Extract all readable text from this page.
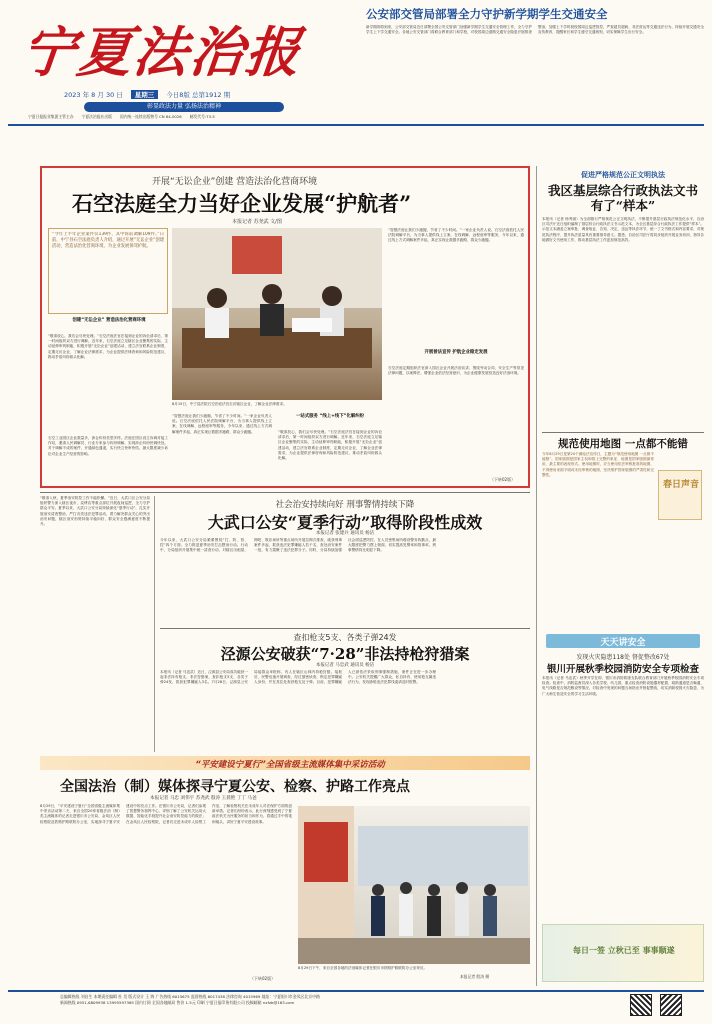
宁夏法治报
2023 年 8 月 30 日	星期三	今日8版 总第1912 期
彰显政法力量 弘扬法治精神
宁夏日报报业集团主管主办 宁夏法治报社出版 国内统一连续出版物号 CN 64-0026 邮发代号:73-5
公安部交管局部署全力守护新学期学生交通安全
新学期即将到来，公安部交管局近日部署全国公安交管部门加强新学期学生交通安全管理工作，全力守护学生上下学交通安全。各地公安交管部门将联合教育部门和学校，对校园周边道路交通安全隐患开展排查整治，加强上下学时段校园周边巡逻管控，严查超员超载、非法营运等交通违法行为，持续开展交通安全宣传教育，提醒家长和学生遵守交通规则，切实保障学生出行安全。
开展“无讼企业”创建 营造法治化营商环境
石空法庭全力当好企业发展“护航者”
本报记者 苏尧武 文/图
“今年上半年企业案件仅139件，其中诉前调解109件。”日前，中宁县石空法庭负责人介绍，通过开展“无讼企业”创建活动，营造法治化营商环境，为企业发展保驾护航。
创建“无讼企业” 营造法治化营商环境
“敬请放心，我们会尽快处理。”石空法庭法官在接到企业的诉讼请求后，第一时间组织双方进行调解。近年来，石空法庭立足辖区企业聚集的实际，主动延伸审判职能，积极开展“无讼企业”创建活动，建立法官联系企业制度，定期走访企业，了解企业法律需求，为企业提供法律咨询和风险防范建议，推动矛盾纠纷源头化解。
石空工业园区企业数量多，涉企纠纷类型多样。法庭在园区设立诉调对接工作站，邀请人民调解员、行业专家参与纠纷调解，实现涉企纠纷快调快处。对于调解不成的案件，开通绿色通道，实行快立快审快结，最大限度减少诉讼对企业生产经营的影响。
8月15日，中宁县法院石空法庭法官走访辖区企业，了解企业法律需求。
“智慧法庭让我们少跑腿，节省了不少时间。”一家企业负责人说。石空法庭依托人民法院调解平台，为当事人提供线上立案、在线调解、远程庭审等服务，今年以来，通过线上方式调解案件多起，真正实现让数据多跑路、群众少跑腿。
一站式服务 “线上+线下”化解纠纷
“敬请放心，我们会尽快处理。”石空法庭法官在接到企业的诉讼请求后，第一时间组织双方进行调解。近年来，石空法庭立足辖区企业聚集的实际，主动延伸审判职能，积极开展“无讼企业”创建活动，建立法官联系企业制度，定期走访企业，了解企业法律需求，为企业提供法律咨询和风险防范建议，推动矛盾纠纷源头化解。
“智慧法庭让我们少跑腿，节省了不少时间。”一家企业负责人说。石空法庭依托人民法院调解平台，为当事人提供线上立案、在线调解、远程庭审等服务，今年以来，通过线上方式调解案件多起，真正实现让数据多跑路、群众少跑腿。
开展普法宣传 护航企业稳定发展
石空法庭定期组织法官深入园区企业开展法治宣讲，围绕劳动合同、安全生产等常见法律问题，以案释法，增强企业依法经营意识，为企业健康发展营造良好法治环境。
（下转02版）
促进严格规范公正文明执法
我区基层综合行政执法文书有了“样本”
本报讯（记者 杨秀丽）为全面推行严格规范公正文明执法，不断提升基层行政执法规范化水平，自治区司法厅近日组织编制了基层综合行政执法文书示范文本，为全区基层综合行政执法工作提供“样本”。示范文本涵盖立案审批、调查取证、告知、决定、送达等执法环节，统一了文书格式和内容要求，对规范执法程序、提升执法质量具有重要指导意义。据悉，自治区司法厅将同步组织开展业务培训，指导各地做好文书使用工作，推动基层执法工作更加规范高效。
规范使用地图 一点都不能错
今年8月29日是第20个测绘法宣传日，主题为“规范使用地图 一点都不能错”。国家版图是国家主权和领土完整的象征，地图是国家版图最常用、最主要的表现形式。使用地图时，应当使用依法审核批准的地图，不得使用来源不明或未经审核的地图，坚决维护国家版图的严肃性和完整性。
春日声音
天天讲安全
发现火灾隐患118处 督促整改67处
银川开展秋季校园消防安全专项检查
本报讯（记者 马忠武）秋季开学在即，银川市消防救援支队联合教育部门开展秋季校园消防安全专项检查。检查中，消防监督员深入各类学校、幼儿园，重点检查消防设施器材配置、疏散通道是否畅通、电气线路是否规范敷设等情况，对检查中发现的问题当场指出并督促整改，切实消除校园火灾隐患，为广大师生营造安全的学习生活环境。
每日一签 立秋已至 事事顺遂
“敬请入秋，夏季治安防控工作不能松懈。”近日，大武口区公安分局组织警力深入辖区夜市、烧烤店等重点部位开展夜间巡逻，全力守护群众平安。夏季以来，大武口公安分局持续深化“夏季行动”，扎实开展治安清查整治，严打各类违法犯罪活动，着力解决群众关心的突出治安问题，辖区治安形势持续平稳向好，群众安全感满意度不断提升。
社会治安持续向好 刑事警情持续下降
大武口公安“夏季行动”取得阶段性成效
本报记者 张建兵 通讯员 杨洁
今年以来，大武口公安分局紧紧围绕“打、防、管、控”四个方面，全力推进夏季治安打击整治行动。行动中，分局组织开展集中统一清查行动，对辖区出租屋、网吧、娱乐场所等重点场所开展拉网式排查，破获刑事案件多起，抓获违法犯罪嫌疑人若干名，查处治安案件一批，有力震慑了违法犯罪分子。同时，分局持续加强社会面巡逻防控，在人员密集场所增设警务执勤点，最大限度把警力摆上街面，切实提高见警率和管事率，刑事警情同比明显下降。
查扣枪支5支、各类子弹24发
泾源公安破获“7·28”非法持枪狩猎案
本报记者 马忠武 通讯员 杨洁
本报讯（记者 马忠武）近日，泾源县公安局成功破获一起非法持有枪支、非法狩猎案，查扣枪支5支、各类子弹24发，抓获犯罪嫌疑人3名。7月28日，泾源县公安局接群众举报称，有人在辖区山林内持枪狩猎。接报后，民警迅速开展调查，经过缜密侦查，锁定犯罪嫌疑人身份，并在其住处查获枪支及子弹。目前，犯罪嫌疑人已被依法采取刑事强制措施，案件正在进一步办理中。公安机关提醒广大群众，私自持有、使用枪支属违法行为，发现涉枪违法犯罪线索请及时报警。
“平安建设宁夏行”全国省级主流媒体集中采访活动
全国法治（制）媒体探寻宁夏公安、检察、护路工作亮点
本报记者 马忠 刘伟宇 苏尧武 殷涛 王晨艳 丁丁 马爸
8月29日，“平安建设宁夏行”全国省级主流媒体集中采访活动第二天，来自全国20家省级法治（制）类主流媒体的记者走进银川市公安局、金凤区人民检察院及铁路护路联防办公室，实地探寻宁夏平安建设中的亮点工作。在银川市公安局，记者们参观了智慧警务指挥中心，详细了解了公安机关运用大数据、智能化手段提升社会治安防控能力的做法；在金凤区人民检察院，记者们走进未成年人检察工作室，了解检察机关在未成年人司法保护方面的创新举措。记者们纷纷表示，此行深刻感受到了宁夏政法机关为民服务的担当和作为，将通过手中的笔和镜头，讲好宁夏平安建设故事。
（下转02版）
8月29日下午，来自全国各地的法治媒体记者在银川市铁路护路联防办公室采访。
本报记者 殷涛 摄
总编辑热线 刘启生 本期责任编辑 杜 昊 版式设计 王 海 广告热线 6015675 监督热线 6017438 法律咨询 4015969 地址：宁夏银川市金凤区北京中路
新闻热线 0951-6809938 13995597365 国内订阅 全国各地邮局 售价 1.5元 印刷 宁夏日报印务有限公司 投稿邮箱 nxfzb@163.com
